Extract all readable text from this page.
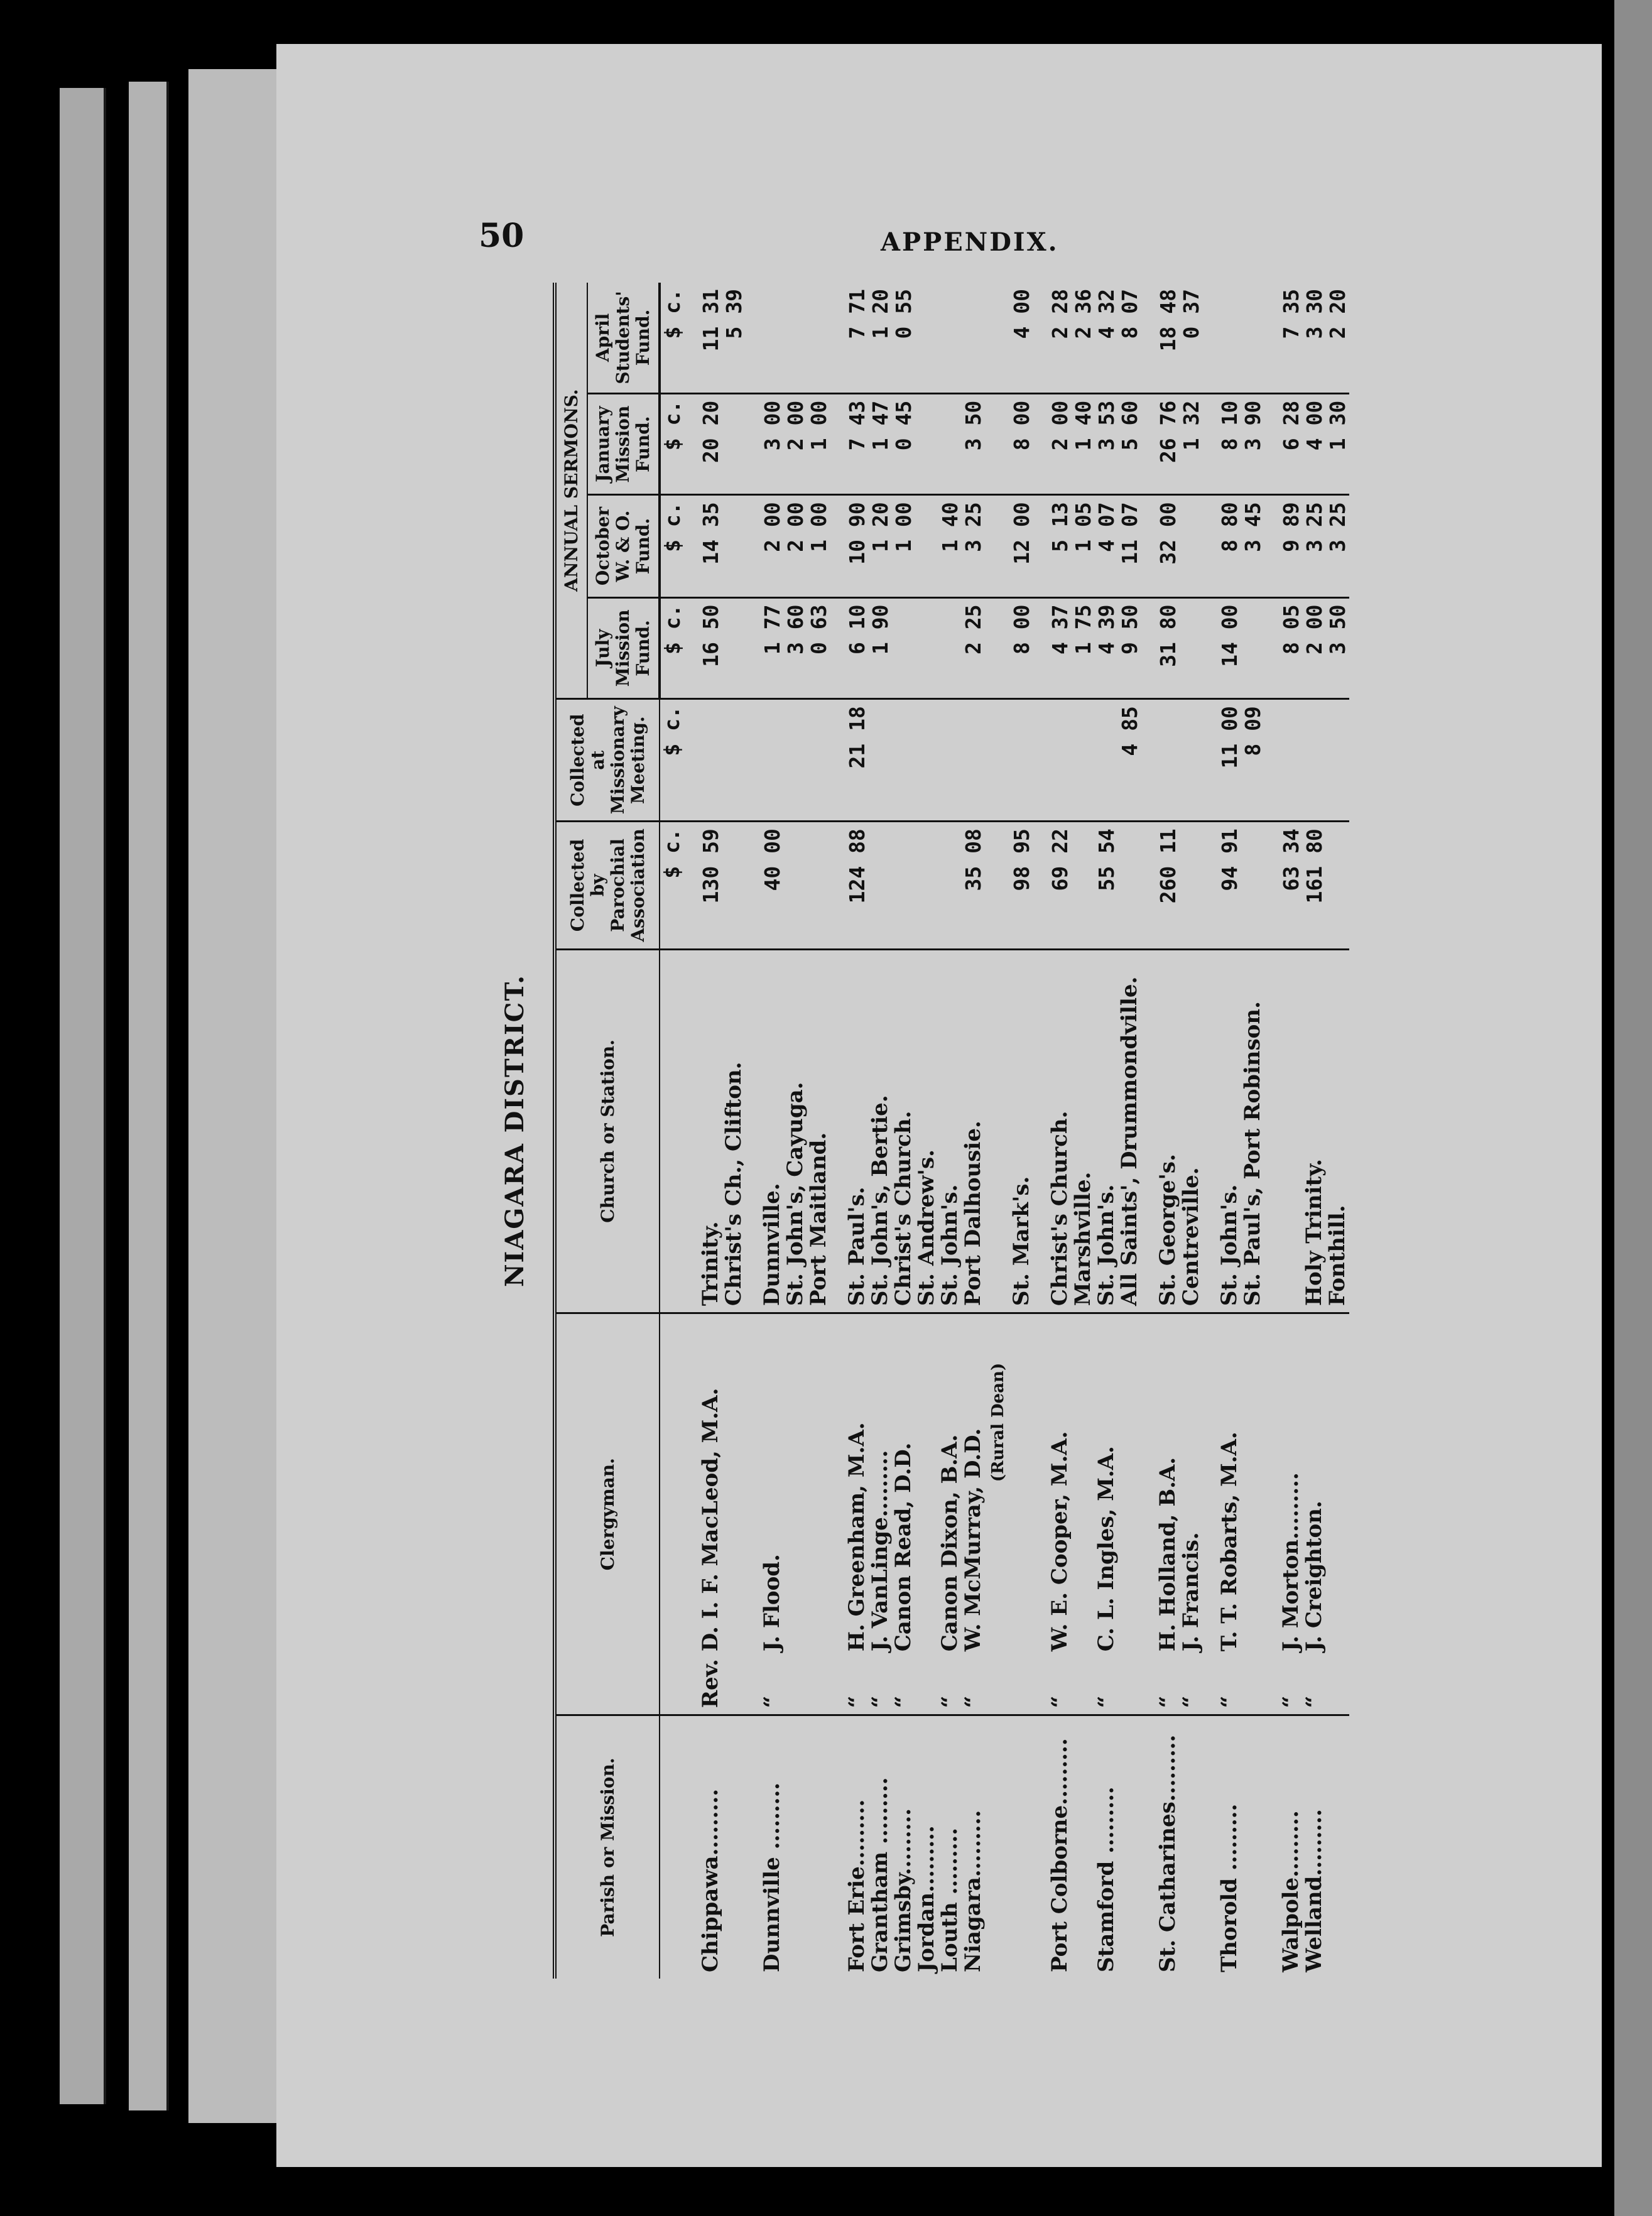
50	APPENDIX.
NIAGARA DISTRICT.
Parish or Mission.	Clergyman.	Church or Station.	Collected by Parochial Association	Collected at Missionary Meeting.	ANNUAL SERMONS.			
					July Mission Fund.	October W. & O. Fund.	January Mission Fund.	April Students' Fund.
			$ c.	$ c.	$ c.	$ c.	$ c.	$ c.
Chippawa.........	Rev.D. I. F. MacLeod, M.A.	Trinity.	130 59		16 50	14 35	20 20	11 31
		Christ's Ch., Clifton.						5 39
Dunnville .........	“J. Flood.	Dunnville.	40 00		1 77	2 00	3 00	
		St. John's, Cayuga.			3 60	2 00	2 00	
		Port Maitland.			0 63	1 00	1 00	
Fort Erie.........	“H. Greenham, M.A.	St. Paul's.	124 88	21 18	6 10	10 90	7 43	7 71
Grantham .........	“J. VanLinge.........	St. John's, Bertie.			1 90	1 20	1 47	1 20
Grimsby.........	“Canon Read, D.D.	Christ's Church.				1 00	0 45	0 55
Jordan.........		St. Andrew's.						
Louth .........	“Canon Dixon, B.A.	St. John's.				1 40		
Niagara.........	“W. McMurray, D.D.	Port Dalhousie.	35 08		2 25	3 25	3 50	
	(Rural Dean)							
		St. Mark's.	98 95		8 00	12 00	8 00	4 00
Port Colborne.........	“W. E. Cooper, M.A.	Christ's Church.	69 22		4 37	5 13	2 00	2 28
		Marshville.			1 75	1 05	1 40	2 36
Stamford .........	“C. L. Ingles, M.A.	St. John's.	55 54		4 39	4 07	3 53	4 32
		All Saints', Drummondville.		4 85	9 50	11 07	5 60	8 07
St. Catharines.........	“H. Holland, B.A.	St. George's.	260 11		31 80	32 00	26 76	18 48
	“J. Francis.	Centreville.					1 32	0 37
Thorold .........	“T. T. Robarts, M.A.	St. John's.	94 91	11 00	14 00	8 80	8 10	
		St. Paul's, Port Robinson.		8 09		3 45	3 90	
Walpole.........	“J. Morton.........		63 34		8 05	9 89	6 28	7 35
Welland.........	“J. Creighton.	Holy Trinity.	161 80		2 00	3 25	4 00	3 30
		Fonthill.			3 50	3 25	1 30	2 20
